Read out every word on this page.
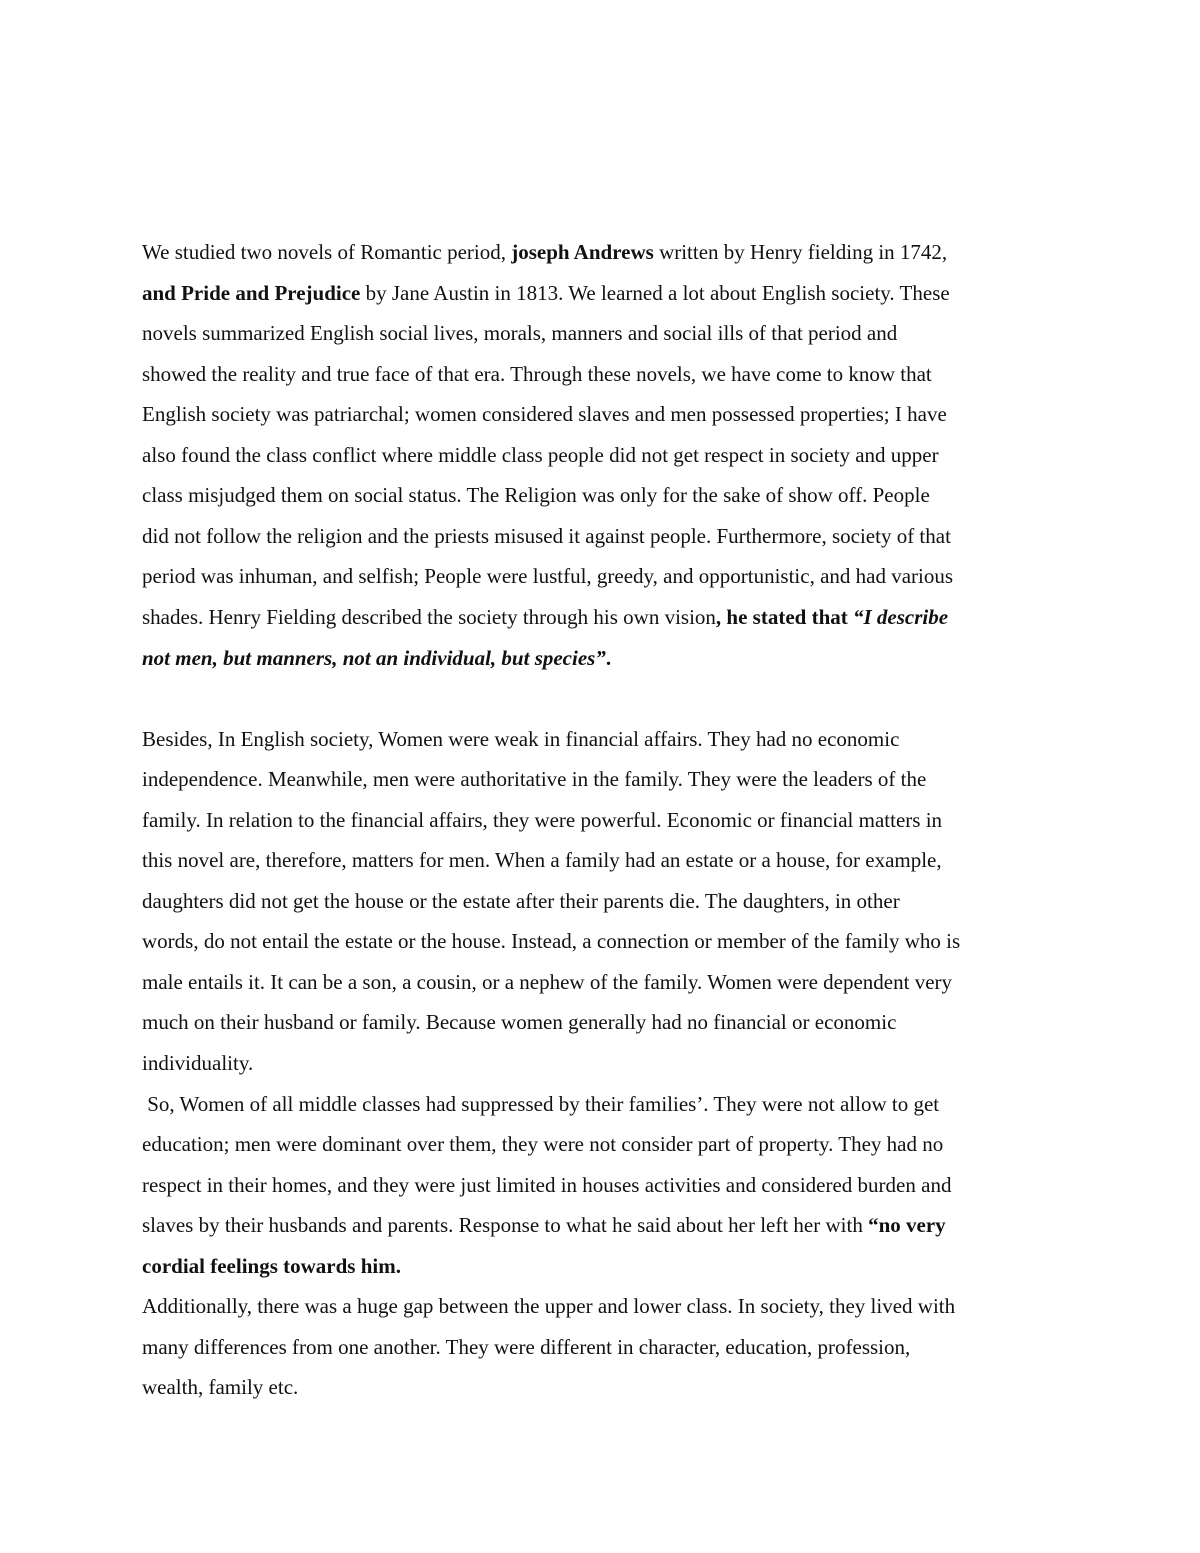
We studied two novels of Romantic period, joseph Andrews written by Henry fielding in 1742,

and Pride and Prejudice by Jane Austin in 1813. We learned a lot about English society. These

novels summarized English social lives, morals, manners and social ills of that period and

showed the reality and true face of that era. Through these novels, we have come to know that

English society was patriarchal; women considered slaves and men possessed properties; I have

also found the class conflict where middle class people did not get respect in society and upper

class misjudged them on social status. The Religion was only for the sake of show off. People

did not follow the religion and the priests misused it against people. Furthermore, society of that

period was inhuman, and selfish; People were lustful, greedy, and opportunistic, and had various

shades. Henry Fielding described the society through his own vision, he stated that “I describe

not men, but manners, not an individual, but species”.

Besides, In English society, Women were weak in financial affairs. They had no economic

independence. Meanwhile, men were authoritative in the family. They were the leaders of the

family. In relation to the financial affairs, they were powerful. Economic or financial matters in

this novel are, therefore, matters for men. When a family had an estate or a house, for example,

daughters did not get the house or the estate after their parents die. The daughters, in other

words, do not entail the estate or the house. Instead, a connection or member of the family who is

male entails it. It can be a son, a cousin, or a nephew of the family. Women were dependent very

much on their husband or family. Because women generally had no financial or economic

individuality.

So, Women of all middle classes had suppressed by their families’. They were not allow to get

education; men were dominant over them, they were not consider part of property. They had no

respect in their homes, and they were just limited in houses activities and considered burden and

slaves by their husbands and parents. Response to what he said about her left her with “no very

cordial feelings towards him.

Additionally, there was a huge gap between the upper and lower class. In society, they lived with

many differences from one another. They were different in character, education, profession,

wealth, family etc.
